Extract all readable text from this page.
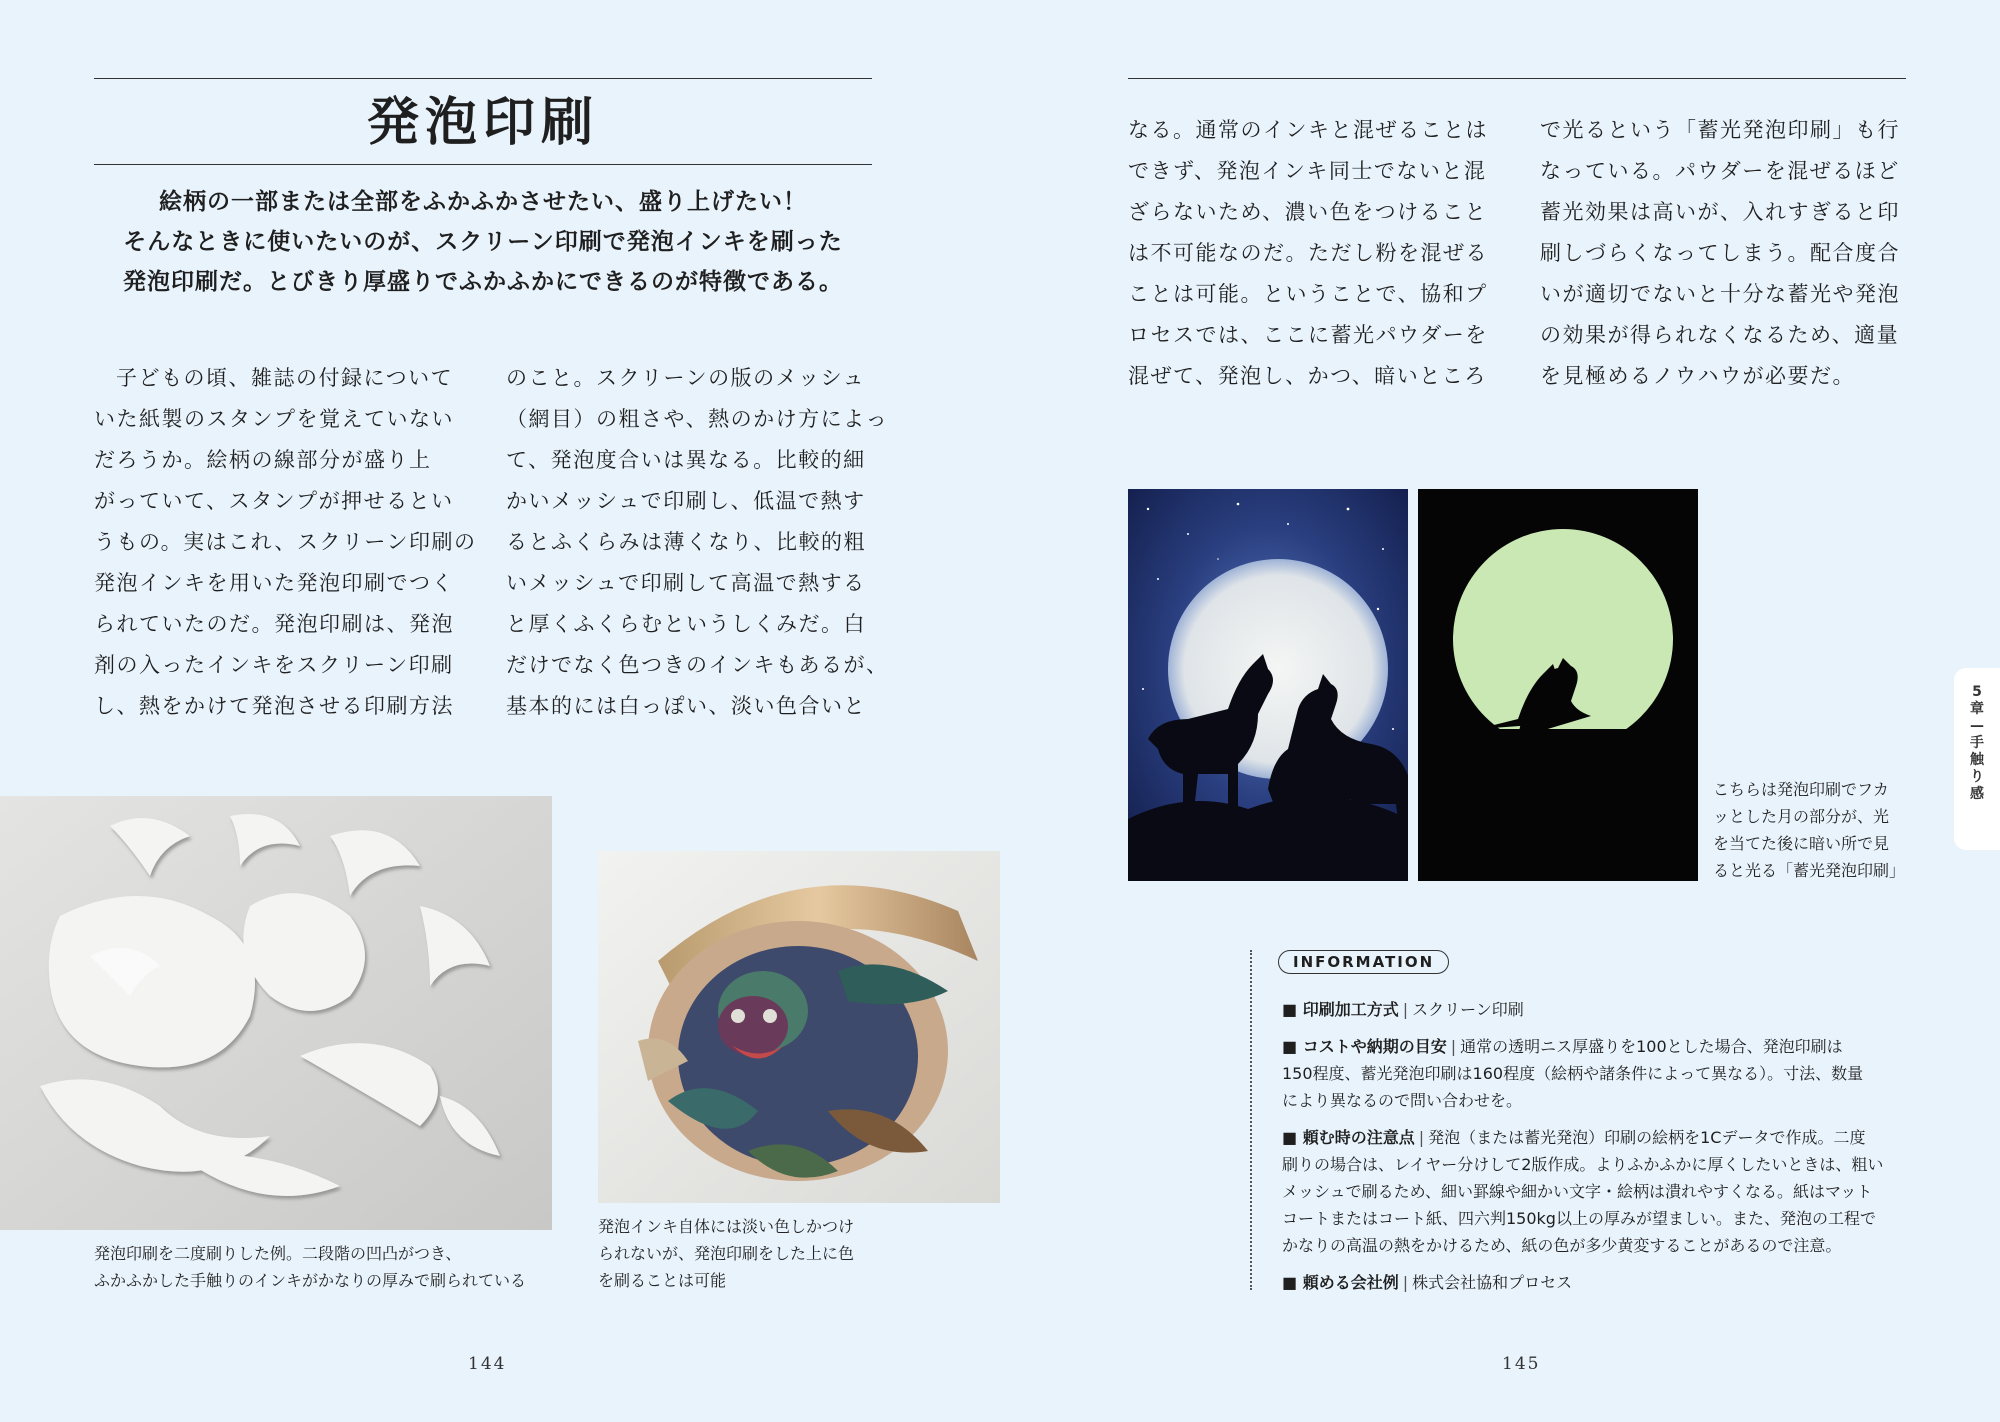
発泡印刷
絵柄の一部または全部をふかふかさせたい、盛り上げたい！
そんなときに使いたいのが、スクリーン印刷で発泡インキを刷った
発泡印刷だ。とびきり厚盛りでふかふかにできるのが特徴である。

子どもの頃、雑誌の付録について

いた紙製のスタンプを覚えていない

だろうか。絵柄の線部分が盛り上

がっていて、スタンプが押せるとい

うもの。実はこれ、スクリーン印刷の

発泡インキを用いた発泡印刷でつく

られていたのだ。発泡印刷は、発泡

剤の入ったインキをスクリーン印刷

し、熱をかけて発泡させる印刷方法

のこと。スクリーンの版のメッシュ

（網目）の粗さや、熱のかけ方によっ

て、発泡度合いは異なる。比較的細

かいメッシュで印刷し、低温で熱す

るとふくらみは薄くなり、比較的粗

いメッシュで印刷して高温で熱する

と厚くふくらむというしくみだ。白

だけでなく色つきのインキもあるが、

基本的には白っぽい、淡い色合いと

発泡印刷を二度刷りした例。二段階の凹凸がつき、

ふかふかした手触りのインキがかなりの厚みで刷られている

発泡インキ自体には淡い色しかつけ

られないが、発泡印刷をした上に色

を刷ることは可能

144

なる。通常のインキと混ぜることは

できず、発泡インキ同士でないと混

ざらないため、濃い色をつけること

は不可能なのだ。ただし粉を混ぜる

ことは可能。ということで、協和プ

ロセスでは、ここに蓄光パウダーを

混ぜて、発泡し、かつ、暗いところ

で光るという「蓄光発泡印刷」も行

なっている。パウダーを混ぜるほど

蓄光効果は高いが、入れすぎると印

刷しづらくなってしまう。配合度合

いが適切でないと十分な蓄光や発泡

の効果が得られなくなるため、適量

を見極めるノウハウが必要だ。

こちらは発泡印刷でフカ

ッとした月の部分が、光

を当てた後に暗い所で見

ると光る「蓄光発泡印刷」

5
章
—
手
触
り
感
INFORMATION
■ 印刷加工方式 | スクリーン印刷
■ コストや納期の目安 | 通常の透明ニス厚盛りを100とした場合、発泡印刷は
150程度、蓄光発泡印刷は160程度（絵柄や諸条件によって異なる）。寸法、数量
により異なるので問い合わせを。
■ 頼む時の注意点 | 発泡（または蓄光発泡）印刷の絵柄を1Cデータで作成。二度
刷りの場合は、レイヤー分けして2版作成。よりふかふかに厚くしたいときは、粗い
メッシュで刷るため、細い罫線や細かい文字・絵柄は潰れやすくなる。紙はマット
コートまたはコート紙、四六判150kg以上の厚みが望ましい。また、発泡の工程で
かなりの高温の熱をかけるため、紙の色が多少黄変することがあるので注意。
■ 頼める会社例 | 株式会社協和プロセス
145
